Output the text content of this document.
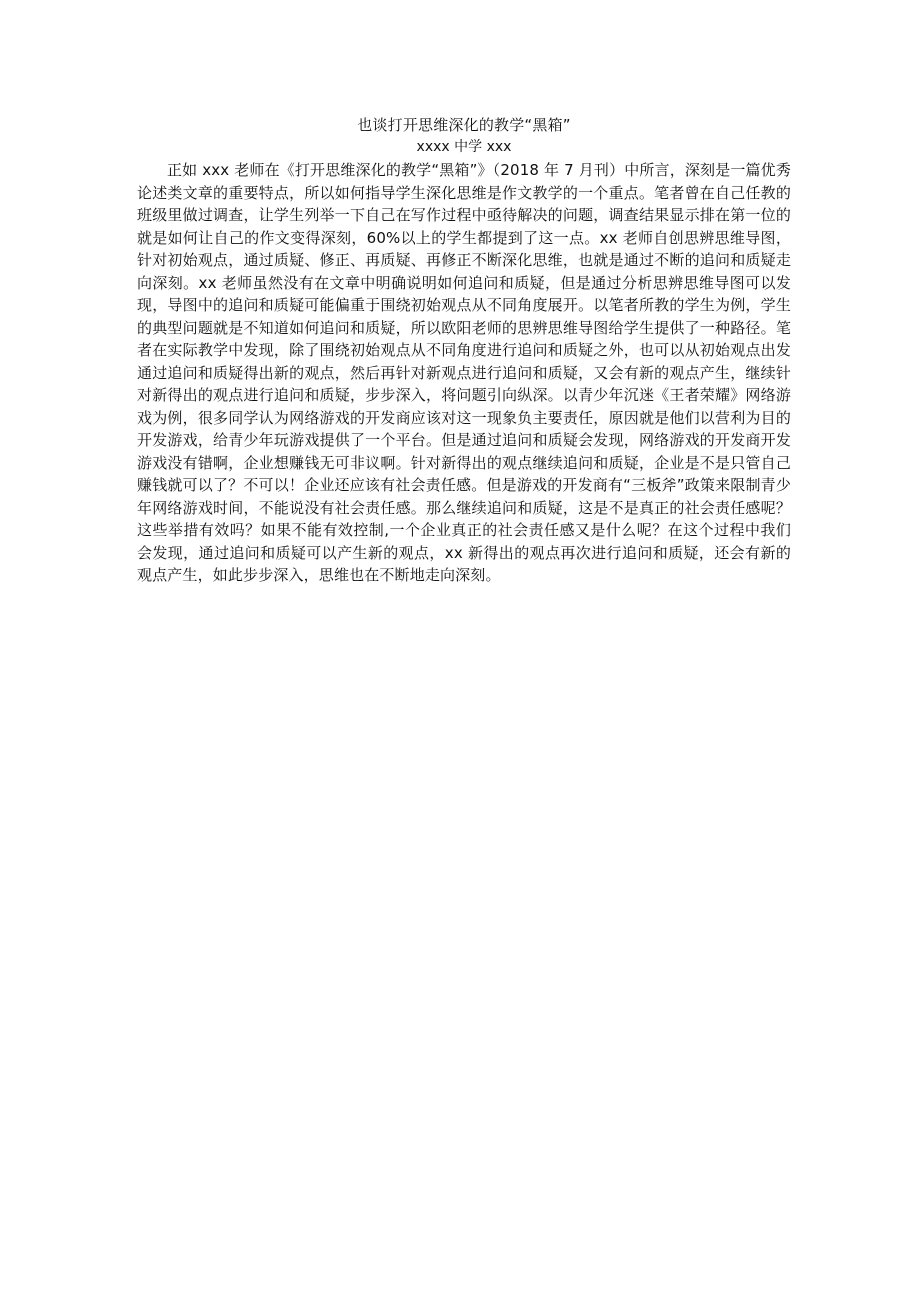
也谈打开思维深化的教学“黑箱”
xxxx 中学 xxx

正如 xxx 老师在《打开思维深化的教学“黑箱”》（2018 年 7 月刊）中所言，深刻是一篇优秀论述类文章的重要特点，所以如何指导学生深化思维是作文教学的一个重点。笔者曾在自己任教的班级里做过调查，让学生列举一下自己在写作过程中亟待解决的问题，调查结果显示排在第一位的就是如何让自己的作文变得深刻，60%以上的学生都提到了这一点。xx 老师自创思辨思维导图，针对初始观点，通过质疑、修正、再质疑、再修正不断深化思维，也就是通过不断的追问和质疑走向深刻。xx 老师虽然没有在文章中明确说明如何追问和质疑，但是通过分析思辨思维导图可以发现，导图中的追问和质疑可能偏重于围绕初始观点从不同角度展开。以笔者所教的学生为例，学生的典型问题就是不知道如何追问和质疑，所以欧阳老师的思辨思维导图给学生提供了一种路径。笔者在实际教学中发现，除了围绕初始观点从不同角度进行追问和质疑之外，也可以从初始观点出发通过追问和质疑得出新的观点，然后再针对新观点进行追问和质疑，又会有新的观点产生，继续针对新得出的观点进行追问和质疑，步步深入，将问题引向纵深。以青少年沉迷《王者荣耀》网络游戏为例，很多同学认为网络游戏的开发商应该对这一现象负主要责任，原因就是他们以营利为目的开发游戏，给青少年玩游戏提供了一个平台。但是通过追问和质疑会发现，网络游戏的开发商开发游戏没有错啊，企业想赚钱无可非议啊。针对新得出的观点继续追问和质疑，企业是不是只管自己赚钱就可以了？不可以！企业还应该有社会责任感。但是游戏的开发商有“三板斧”政策来限制青少年网络游戏时间，不能说没有社会责任感。那么继续追问和质疑，这是不是真正的社会责任感呢？这些举措有效吗？如果不能有效控制,一个企业真正的社会责任感又是什么呢？在这个过程中我们会发现，通过追问和质疑可以产生新的观点，xx 新得出的观点再次进行追问和质疑，还会有新的观点产生，如此步步深入，思维也在不断地走向深刻。
